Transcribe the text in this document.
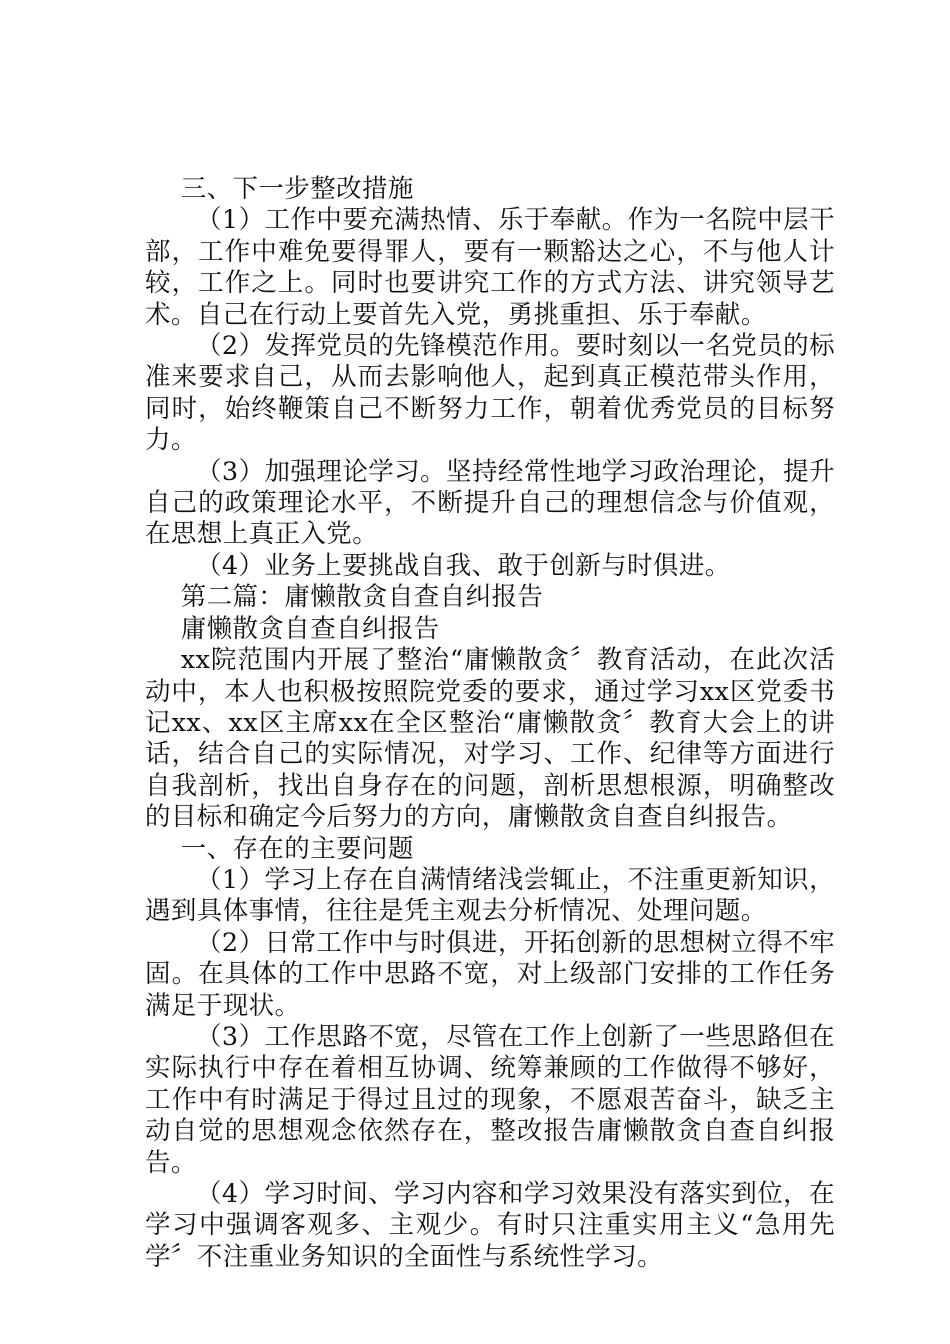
三、下一步整改措施

（1）工作中要充满热情、乐于奉献。作为一名院中层干部，工作中难免要得罪人，要有一颗豁达之心，不与他人计较，工作之上。同时也要讲究工作的方式方法、讲究领导艺术。自己在行动上要首先入党，勇挑重担、乐于奉献。

（2）发挥党员的先锋模范作用。要时刻以一名党员的标准来要求自己，从而去影响他人，起到真正模范带头作用，同时，始终鞭策自己不断努力工作，朝着优秀党员的目标努力。

（3）加强理论学习。坚持经常性地学习政治理论，提升自己的政策理论水平，不断提升自己的理想信念与价值观，在思想上真正入党。

（4）业务上要挑战自我、敢于创新与时俱进。

第二篇：庸懒散贪自查自纠报告

庸懒散贪自查自纠报告

xx院范围内开展了整治“庸懒散贪〞教育活动，在此次活动中，本人也积极按照院党委的要求，通过学习xx区党委书记xx、xx区主席xx在全区整治“庸懒散贪〞教育大会上的讲话，结合自己的实际情况，对学习、工作、纪律等方面进行自我剖析，找出自身存在的问题，剖析思想根源，明确整改的目标和确定今后努力的方向，庸懒散贪自查自纠报告。

一、存在的主要问题

（1）学习上存在自满情绪浅尝辄止，不注重更新知识，遇到具体事情，往往是凭主观去分析情况、处理问题。

（2）日常工作中与时俱进，开拓创新的思想树立得不牢固。在具体的工作中思路不宽，对上级部门安排的工作任务满足于现状。

（3）工作思路不宽，尽管在工作上创新了一些思路但在实际执行中存在着相互协调、统筹兼顾的工作做得不够好，工作中有时满足于得过且过的现象，不愿艰苦奋斗，缺乏主动自觉的思想观念依然存在，整改报告庸懒散贪自查自纠报告。

（4）学习时间、学习内容和学习效果没有落实到位，在学习中强调客观多、主观少。有时只注重实用主义“急用先学〞不注重业务知识的全面性与系统性学习。
